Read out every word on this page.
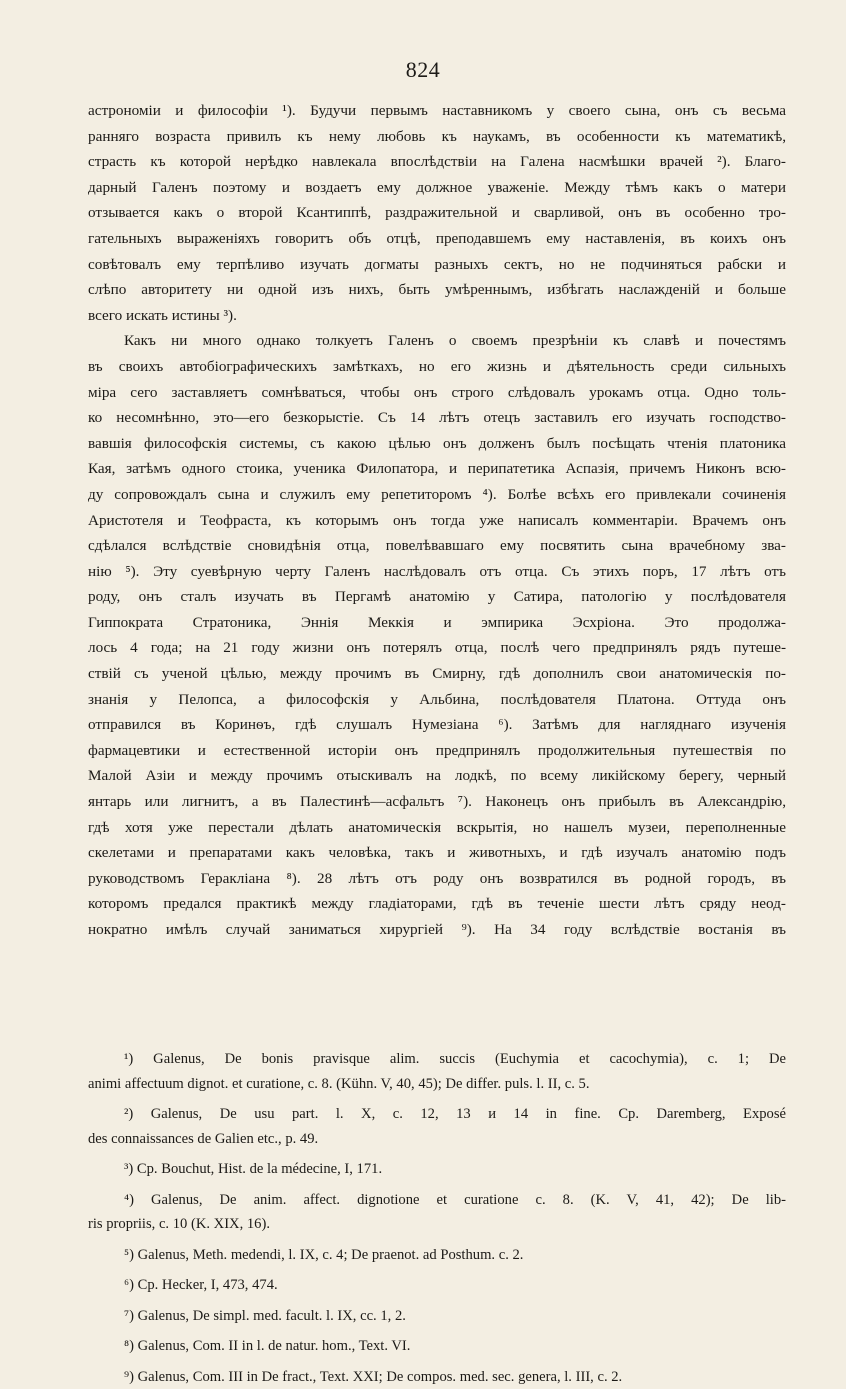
824
астрономіи и философіи ¹). Будучи первымъ наставникомъ у своего сына, онъ съ весьма
ранняго возраста привилъ къ нему любовь къ наукамъ, въ особенности къ математикѣ,
страсть къ которой нерѣдко навлекала впослѣдствіи на Галена насмѣшки врачей ²). Благо-
дарный Галенъ поэтому и воздаетъ ему должное уваженіе. Между тѣмъ какъ о матери
отзывается какъ о второй Ксантиппѣ, раздражительной и сварливой, онъ въ особенно тро-
гательныхъ выраженіяхъ говоритъ объ отцѣ, преподавшемъ ему наставленія, въ коихъ онъ
совѣтовалъ ему терпѣливо изучать догматы разныхъ сектъ, но не подчиняться рабски и
слѣпо авторитету ни одной изъ нихъ, быть умѣреннымъ, избѣгать наслажденій и больше
всего искать истины ³).
Какъ ни много однако толкуетъ Галенъ о своемъ презрѣніи къ славѣ и почестямъ
въ своихъ автобіографическихъ замѣткахъ, но его жизнь и дѣятельность среди сильныхъ
міра сего заставляетъ сомнѣваться, чтобы онъ строго слѣдовалъ урокамъ отца. Одно толь-
ко несомнѣнно, это—его безкорыстіе. Съ 14 лѣтъ отецъ заставилъ его изучать господство-
вавшія философскія системы, съ какою цѣлью онъ долженъ былъ посѣщать чтенія платоника
Кая, затѣмъ одного стоика, ученика Филопатора, и перипатетика Аспазія, причемъ Никонъ всю-
ду сопровождалъ сына и служилъ ему репетиторомъ ⁴). Болѣе всѣхъ его привлекали сочиненія
Аристотеля и Теофраста, къ которымъ онъ тогда уже написалъ комментаріи. Врачемъ онъ
сдѣлался вслѣдствіе сновидѣнія отца, повелѣвавшаго ему посвятить сына врачебному зва-
нію ⁵). Эту суевѣрную черту Галенъ наслѣдовалъ отъ отца. Съ этихъ поръ, 17 лѣтъ отъ
роду, онъ сталъ изучать въ Пергамѣ анатомію у Сатира, патологію у послѣдователя
Гиппократа Стратоника, Эннія Меккія и эмпирика Эсхріона. Это продолжа-
лось 4 года; на 21 году жизни онъ потерялъ отца, послѣ чего предпринялъ рядъ путеше-
ствій съ ученой цѣлью, между прочимъ въ Смирну, гдѣ дополнилъ свои анатомическія по-
знанія у Пелопса, а философскія у Альбина, послѣдователя Платона. Оттуда онъ
отправился въ Коринѳъ, гдѣ слушалъ Нумезіана ⁶). Затѣмъ для нагляднаго изученія
фармацевтики и естественной исторіи онъ предпринялъ продолжительныя путешествія по
Малой Азіи и между прочимъ отыскивалъ на лодкѣ, по всему ликійскому берегу, черный
янтарь или лигнитъ, а въ Палестинѣ—асфальтъ ⁷). Наконецъ онъ прибылъ въ Александрію,
гдѣ хотя уже перестали дѣлать анатомическія вскрытія, но нашелъ музеи, переполненные
скелетами и препаратами какъ человѣка, такъ и животныхъ, и гдѣ изучалъ анатомію подъ
руководствомъ Геракліана ⁸). 28 лѣтъ отъ роду онъ возвратился въ родной городъ, въ
которомъ предался практикѣ между гладіаторами, гдѣ въ теченіе шести лѣтъ сряду неод-
нократно имѣлъ случай заниматься хирургіей ⁹). На 34 году вслѣдствіе востанія въ
¹) Galenus, De bonis pravisque alim. succis (Euchymia et cacochymia), c. 1; De
animi affectuum dignot. et curatione, c. 8. (Kühn. V, 40, 45); De differ. puls. l. II, c. 5.
²) Galenus, De usu part. l. X, c. 12, 13 и 14 in fine. Cp. Daremberg, Exposé
des connaissances de Galien etc., p. 49.
³) Cp. Bouchut, Hist. de la médecine, I, 171.
⁴) Galenus, De anim. affect. dignotione et curatione c. 8. (K. V, 41, 42); De lib-
ris propriis, c. 10 (K. XIX, 16).
⁵) Galenus, Meth. medendi, l. IX, c. 4; De praenot. ad Posthum. c. 2.
⁶) Cp. Hecker, I, 473, 474.
⁷) Galenus, De simpl. med. facult. l. IX, cc. 1, 2.
⁸) Galenus, Com. II in l. de natur. hom., Text. VI.
⁹) Galenus, Com. III in De fract., Text. XXI; De compos. med. sec. genera, l. III, c. 2.
